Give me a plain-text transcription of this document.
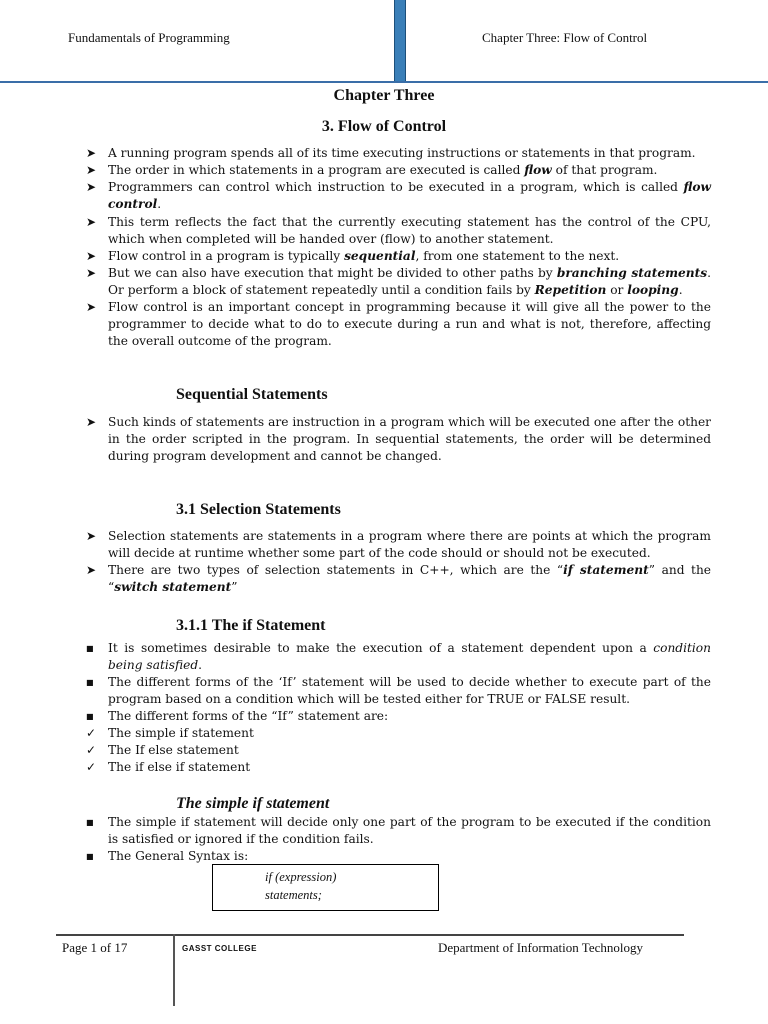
Fundamentals of Programming	Chapter Three: Flow of Control
Chapter Three
3. Flow of Control
➤ A running program spends all of its time executing instructions or statements in that program.
➤ The order in which statements in a program are executed is called flow of that program.
➤ Programmers can control which instruction to be executed in a program, which is called flow control.
➤ This term reflects the fact that the currently executing statement has the control of the CPU, which when completed will be handed over (flow) to another statement.
➤ Flow control in a program is typically sequential, from one statement to the next.
➤ But we can also have execution that might be divided to other paths by branching statements. Or perform a block of statement repeatedly until a condition fails by Repetition or looping.
➤ Flow control is an important concept in programming because it will give all the power to the programmer to decide what to do to execute during a run and what is not, therefore, affecting the overall outcome of the program.
Sequential Statements
➤ Such kinds of statements are instruction in a program which will be executed one after the other in the order scripted in the program. In sequential statements, the order will be determined during program development and cannot be changed.
3.1 Selection Statements
➤ Selection statements are statements in a program where there are points at which the program will decide at runtime whether some part of the code should or should not be executed.
➤ There are two types of selection statements in C++, which are the “if statement” and the “switch statement”
3.1.1 The if Statement
■ It is sometimes desirable to make the execution of a statement dependent upon a condition being satisfied.
■ The different forms of the ‘If’ statement will be used to decide whether to execute part of the program based on a condition which will be tested either for TRUE or FALSE result.
■ The different forms of the “If” statement are:
✓ The simple if statement
✓ The If else statement
✓ The if else if statement
The simple if statement
■ The simple if statement will decide only one part of the program to be executed if the condition is satisfied or ignored if the condition fails.
■ The General Syntax is:
if (expression)
statements;
Page 1 of 17	GASST COLLEGE	Department of Information Technology
